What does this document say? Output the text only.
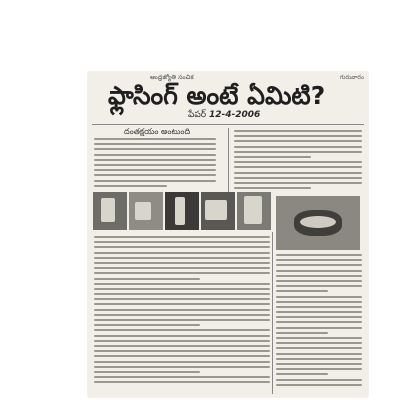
ఆంధ్రజ్యోతి సంచిక	గురువారం
ఫ్లాసింగ్ అంటే ఏమిటి?
పేపర్ 12-4-2006
దంతక్షయం అంటుంది
